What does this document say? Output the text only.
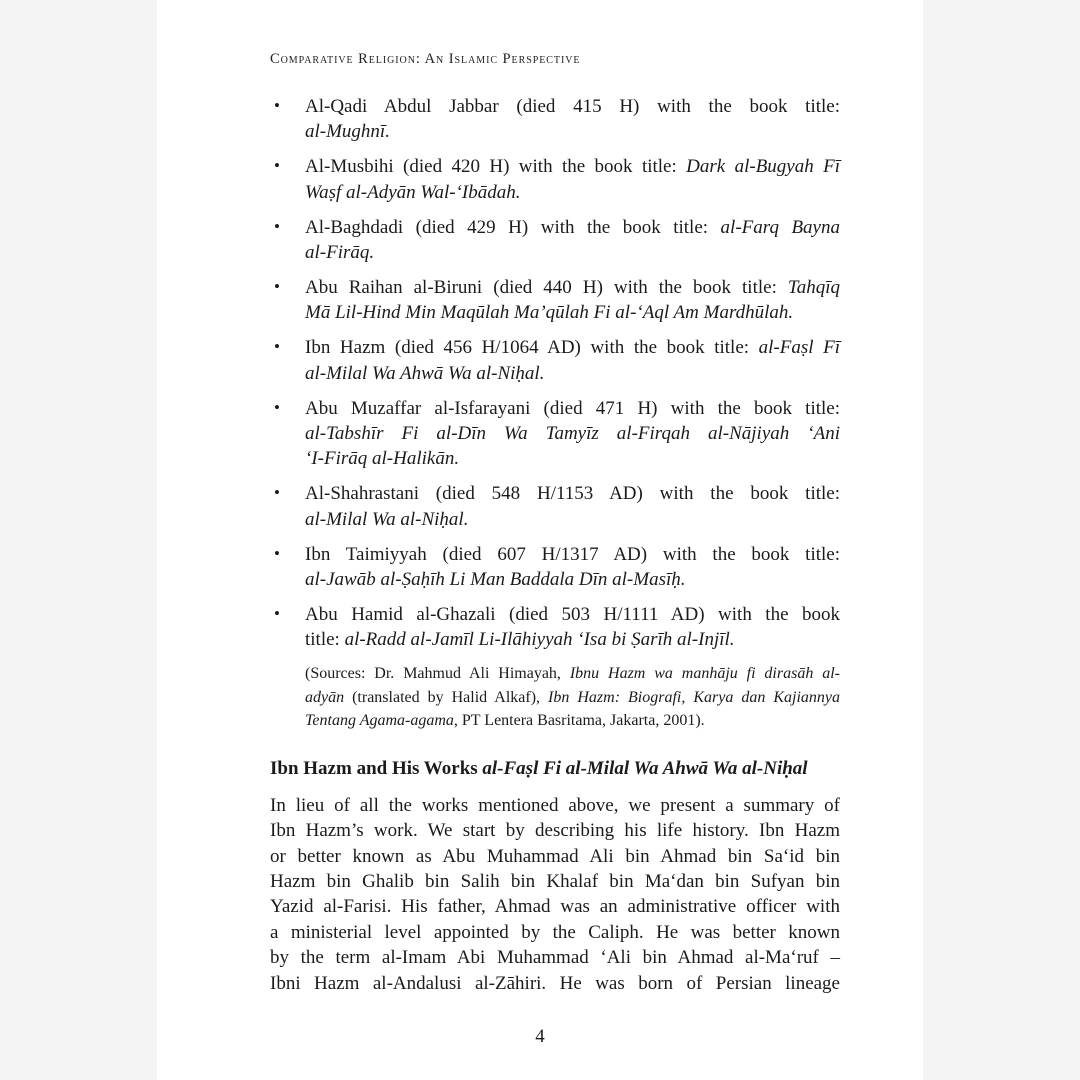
Comparative Religion: An Islamic Perspective
• Al-Qadi Abdul Jabbar (died 415 H) with the book title:
al-Mughnī.
• Al-Musbihi (died 420 H) with the book title: Dark al-Bugyah Fī
Waṣf al-Adyān Wal-‘Ibādah.
• Al-Baghdadi (died 429 H) with the book title: al-Farq Bayna
al-Firāq.
• Abu Raihan al-Biruni (died 440 H) with the book title: Tahqīq
Mā Lil-Hind Min Maqūlah Ma’qūlah Fi al-‘Aql Am Mardhūlah.
• Ibn Hazm (died 456 H/1064 AD) with the book title: al-Faṣl Fī
al-Milal Wa Ahwā Wa al-Niḥal.
• Abu Muzaffar al-Isfarayani (died 471 H) with the book title:
al-Tabshīr Fi al-Dīn Wa Tamyīz al-Firqah al-Nājiyah ‘Ani
‘I-Firāq al-Halikān.
• Al-Shahrastani (died 548 H/1153 AD) with the book title:
al-Milal Wa al-Niḥal.
• Ibn Taimiyyah (died 607 H/1317 AD) with the book title:
al-Jawāb al-Ṣaḥīh Li Man Baddala Dīn al-Masīḥ.
• Abu Hamid al-Ghazali (died 503 H/1111 AD) with the book
title: al-Radd al-Jamīl Li-Ilāhiyyah ‘Isa bi Ṣarīh al-Injīl.
(Sources: Dr. Mahmud Ali Himayah, Ibnu Hazm wa manhāju fi dirasāh al-
adyān (translated by Halid Alkaf), Ibn Hazm: Biografi, Karya dan Kajiannya
Tentang Agama-agama, PT Lentera Basritama, Jakarta, 2001).
Ibn Hazm and His Works al-Faṣl Fi al-Milal Wa Ahwā Wa al-Niḥal
In lieu of all the works mentioned above, we present a summary of
Ibn Hazm’s work. We start by describing his life history. Ibn Hazm
or better known as Abu Muhammad Ali bin Ahmad bin Sa‘id bin
Hazm bin Ghalib bin Salih bin Khalaf bin Ma‘dan bin Sufyan bin
Yazid al-Farisi. His father, Ahmad was an administrative officer with
a ministerial level appointed by the Caliph. He was better known
by the term al-Imam Abi Muhammad ‘Ali bin Ahmad al-Ma‘ruf –
Ibni Hazm al-Andalusi al-Zāhiri. He was born of Persian lineage
4
